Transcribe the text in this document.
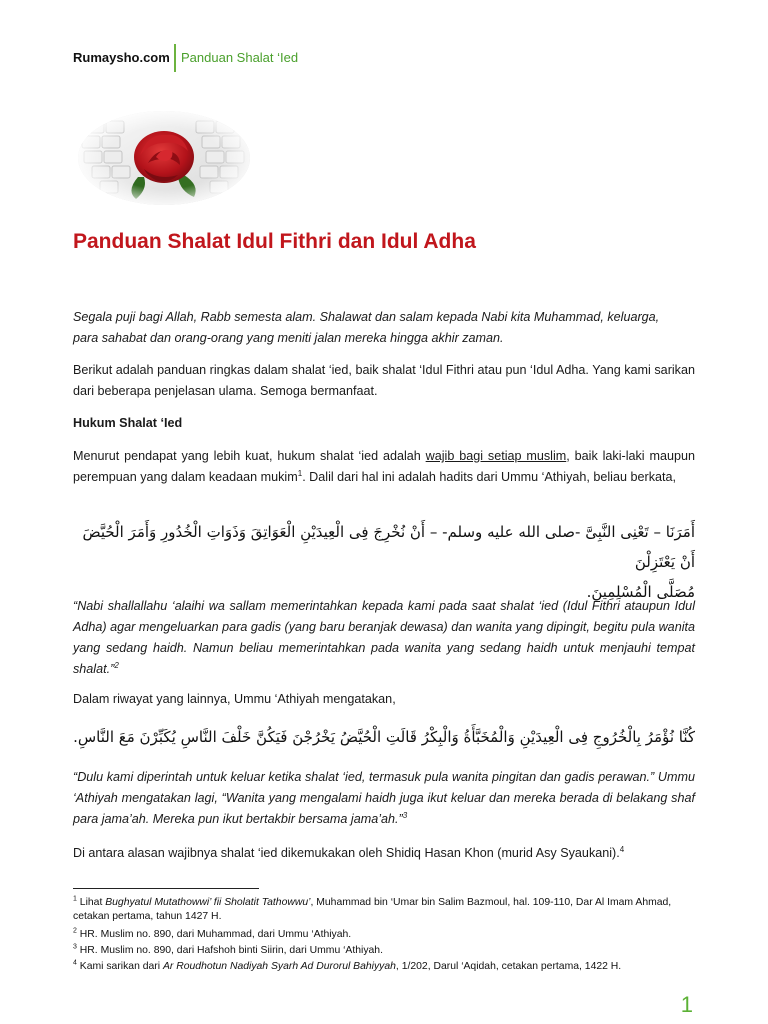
Rumaysho.com Panduan Shalat ‘Ied
Panduan Shalat Idul Fithri dan Idul Adha
Segala puji bagi Allah, Rabb semesta alam. Shalawat dan salam kepada Nabi kita Muhammad, keluarga,
para sahabat dan orang-orang yang meniti jalan mereka hingga akhir zaman.
Berikut adalah panduan ringkas dalam shalat ‘ied, baik shalat ‘Idul Fithri atau pun ‘Idul Adha. Yang kami sarikan dari beberapa penjelasan ulama. Semoga bermanfaat.
Hukum Shalat ‘Ied
Menurut pendapat yang lebih kuat, hukum shalat ‘ied adalah wajib bagi setiap muslim, baik laki-laki maupun perempuan yang dalam keadaan mukim$^1$. Dalil dari hal ini adalah hadits dari Ummu ‘Athiyah, beliau berkata,
أَمَرَنَا – تَعْنِى النَّبِىَّ -صلى الله عليه وسلم- – أَنْ نُخْرِجَ فِى الْعِيدَيْنِ الْعَوَاتِقَ وَذَوَاتِ الْخُدُورِ وَأَمَرَ الْحُيَّضَ أَنْ يَعْتَزِلْنَ
مُصَلَّى الْمُسْلِمِينَ.
“Nabi shallallahu ‘alaihi wa sallam memerintahkan kepada kami pada saat shalat ‘ied (Idul Fithri ataupun Idul Adha) agar mengeluarkan para gadis (yang baru beranjak dewasa) dan wanita yang dipingit, begitu pula wanita yang sedang haidh. Namun beliau memerintahkan pada wanita yang sedang haidh untuk menjauhi tempat shalat.”$^2$
Dalam riwayat yang lainnya, Ummu ‘Athiyah mengatakan,
كُنَّا نُؤْمَرُ بِالْخُرُوجِ فِى الْعِيدَيْنِ وَالْمُخَبَّأَةُ وَالْبِكْرُ قَالَتِ الْحُيَّضُ يَخْرُجْنَ فَيَكُنَّ خَلْفَ النَّاسِ يُكَبِّرْنَ مَعَ النَّاسِ.
“Dulu kami diperintah untuk keluar ketika shalat ‘ied, termasuk pula wanita pingitan dan gadis perawan.” Ummu ‘Athiyah mengatakan lagi, “Wanita yang mengalami haidh juga ikut keluar dan mereka berada di belakang shaf para jama’ah. Mereka pun ikut bertakbir bersama jama’ah.”$^3$
Di antara alasan wajibnya shalat ‘ied dikemukakan oleh Shidiq Hasan Khon (murid Asy Syaukani).$^4$
$^1$ Lihat Bughyatul Mutathowwi’ fii Sholatit Tathowwu’, Muhammad bin ‘Umar bin Salim Bazmoul, hal. 109-110, Dar Al Imam Ahmad, cetakan pertama, tahun 1427 H.
$^2$ HR. Muslim no. 890, dari Muhammad, dari Ummu ‘Athiyah.
$^3$ HR. Muslim no. 890, dari Hafshoh binti Siirin, dari Ummu ‘Athiyah.
$^4$ Kami sarikan dari Ar Roudhotun Nadiyah Syarh Ad Durorul Bahiyyah, 1/202, Darul ‘Aqidah, cetakan pertama, 1422 H.
1
